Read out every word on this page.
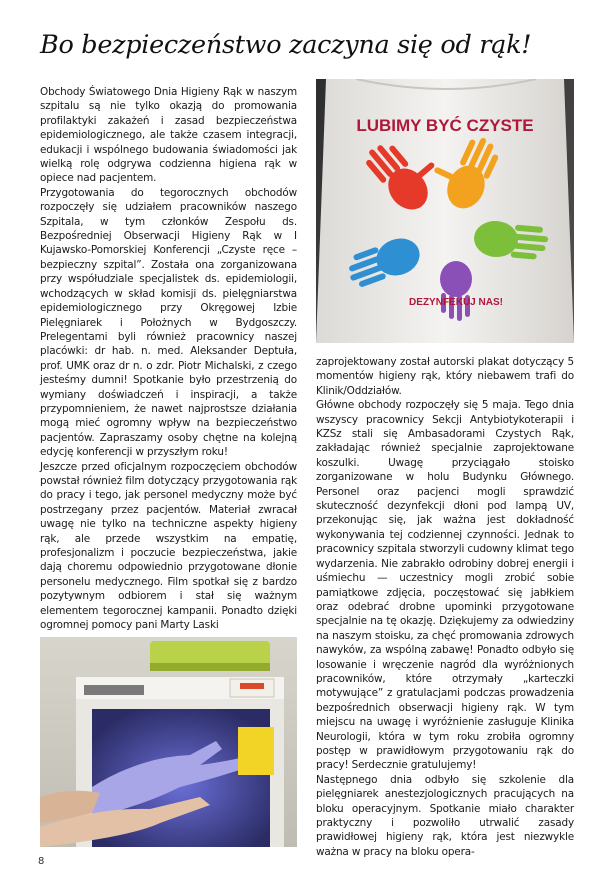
Bo bezpieczeństwo zaczyna się od rąk!

Obchody Światowego Dnia Higieny Rąk w naszym szpitalu są nie tylko okazją do promowania profilaktyki zakażeń i zasad bezpieczeństwa epidemiologicznego, ale także czasem integracji, edukacji i wspólnego budowania świadomości jak wielką rolę odgrywa codzienna higiena rąk w opiece nad pacjentem.

Przygotowania do tegorocznych obchodów rozpoczęły się udziałem pracowników naszego Szpitala, w tym członków Zespołu ds. Bezpośredniej Obserwacji Higieny Rąk w I Kujawsko-Pomorskiej Konferencji „Czyste ręce – bezpieczny szpital”. Została ona zorganizowana przy współudziale specjalistek ds. epidemiologii, wchodzących w skład komisji ds. pielęgniarstwa epidemiologicznego przy Okręgowej Izbie Pielęgniarek i Położnych w Bydgoszczy. Prelegentami byli również pracownicy naszej placówki: dr hab. n. med. Aleksander Deptuła, prof. UMK oraz dr n. o zdr. Piotr Michalski, z czego jesteśmy dumni! Spotkanie było przestrzenią do wymiany doświadczeń i inspiracji, a także przypomnieniem, że nawet najprostsze działania mogą mieć ogromny wpływ na bezpieczeństwo pacjentów. Zapraszamy osoby chętne na kolejną edycję konferencji w przyszłym roku!

Jeszcze przed oficjalnym rozpoczęciem obchodów powstał również film dotyczący przygotowania rąk do pracy i tego, jak personel medyczny może być postrzegany przez pacjentów. Materiał zwracał uwagę nie tylko na techniczne aspekty higieny rąk, ale przede wszystkim na empatię, profesjonalizm i poczucie bezpieczeństwa, jakie dają choremu odpowiednio przygotowane dłonie personelu medycznego. Film spotkał się z bardzo pozytywnym odbiorem i stał się ważnym elementem tegorocznej kampanii. Ponadto dzięki ogromnej pomocy pani Marty Laski

LUBIMY BYĆ CZYSTE
DEZYNFEKUJ NAS!

zaprojektowany został autorski plakat dotyczący 5 momentów higieny rąk, który niebawem trafi do Klinik/Oddziałów.

Główne obchody rozpoczęły się 5 maja. Tego dnia wszyscy pracownicy Sekcji Antybiotykoterapii i KZSz stali się Ambasadorami Czystych Rąk, zakładając również specjalnie zaprojektowane koszulki. Uwagę przyciągało stoisko zorganizowane w holu Budynku Głównego. Personel oraz pacjenci mogli sprawdzić skuteczność dezynfekcji dłoni pod lampą UV, przekonując się, jak ważna jest dokładność wykonywania tej codziennej czynności. Jednak to pracownicy szpitala stworzyli cudowny klimat tego wydarzenia. Nie zabrakło odrobiny dobrej energii i uśmiechu — uczestnicy mogli zrobić sobie pamiątkowe zdjęcia, poczęstować się jabłkiem oraz odebrać drobne upominki przygotowane specjalnie na tę okazję. Dziękujemy za odwiedziny na naszym stoisku, za chęć promowania zdrowych nawyków, za wspólną zabawę! Ponadto odbyło się losowanie i wręczenie nagród dla wyróżnionych pracowników, które otrzymały „karteczki motywujące” z gratulacjami podczas prowadzenia bezpośrednich obserwacji higieny rąk. W tym miejscu na uwagę i wyróżnienie zasługuje Klinika Neurologii, która w tym roku zrobiła ogromny postęp w prawidłowym przygotowaniu rąk do pracy! Serdecznie gratulujemy!

Następnego dnia odbyło się szkolenie dla pielęgniarek anestezjologicznych pracujących na bloku operacyjnym. Spotkanie miało charakter praktyczny i pozwoliło utrwalić zasady prawidłowej higieny rąk, która jest niezwykle ważna w pracy na bloku opera-

8
